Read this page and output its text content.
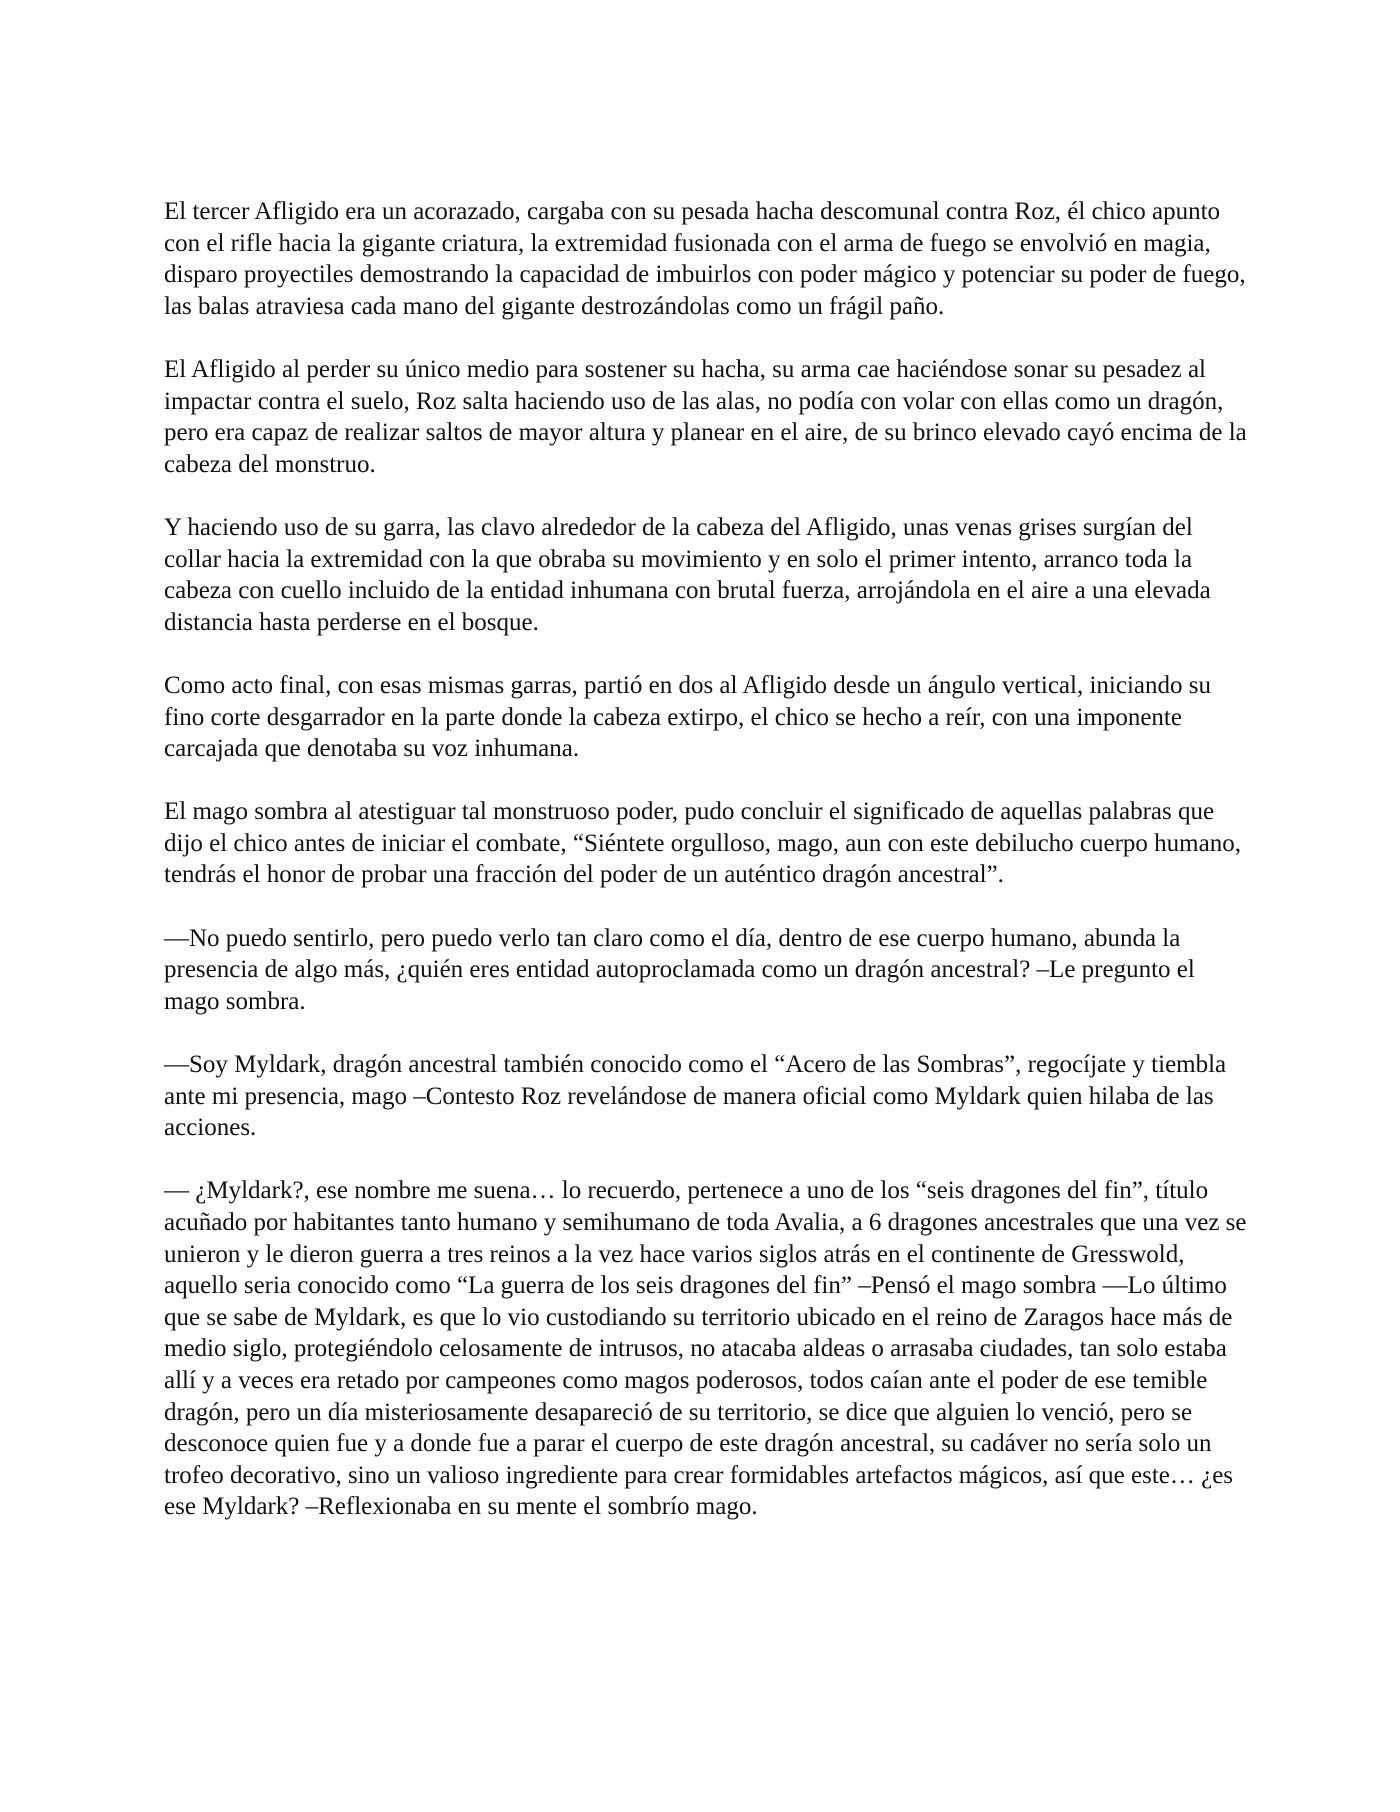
El tercer Afligido era un acorazado, cargaba con su pesada hacha descomunal contra Roz, él chico apunto con el rifle hacia la gigante criatura, la extremidad fusionada con el arma de fuego se envolvió en magia, disparo proyectiles demostrando la capacidad de imbuirlos con poder mágico y potenciar su poder de fuego, las balas atraviesa cada mano del gigante destrozándolas como un frágil paño.

El Afligido al perder su único medio para sostener su hacha, su arma cae haciéndose sonar su pesadez al impactar contra el suelo, Roz salta haciendo uso de las alas, no podía con volar con ellas como un dragón, pero era capaz de realizar saltos de mayor altura y planear en el aire, de su brinco elevado cayó encima de la cabeza del monstruo.

Y haciendo uso de su garra, las clavo alrededor de la cabeza del Afligido, unas venas grises surgían del collar hacia la extremidad con la que obraba su movimiento y en solo el primer intento, arranco toda la cabeza con cuello incluido de la entidad inhumana con brutal fuerza, arrojándola en el aire a una elevada distancia hasta perderse en el bosque.

Como acto final, con esas mismas garras, partió en dos al Afligido desde un ángulo vertical, iniciando su fino corte desgarrador en la parte donde la cabeza extirpo, el chico se hecho a reír, con una imponente carcajada que denotaba su voz inhumana.

El mago sombra al atestiguar tal monstruoso poder, pudo concluir el significado de aquellas palabras que dijo el chico antes de iniciar el combate, “Siéntete orgulloso, mago, aun con este debilucho cuerpo humano, tendrás el honor de probar una fracción del poder de un auténtico dragón ancestral”.

—No puedo sentirlo, pero puedo verlo tan claro como el día, dentro de ese cuerpo humano, abunda la presencia de algo más, ¿quién eres entidad autoproclamada como un dragón ancestral? –Le pregunto el mago sombra.

—Soy Myldark, dragón ancestral también conocido como el “Acero de las Sombras”, regocíjate y tiembla ante mi presencia, mago –Contesto Roz revelándose de manera oficial como Myldark quien hilaba de las acciones.

— ¿Myldark?, ese nombre me suena… lo recuerdo, pertenece a uno de los “seis dragones del fin”, título acuñado por habitantes tanto humano y semihumano de toda Avalia, a 6 dragones ancestrales que una vez se unieron y le dieron guerra a tres reinos a la vez hace varios siglos atrás en el continente de Gresswold, aquello seria conocido como “La guerra de los seis dragones del fin” –Pensó el mago sombra —Lo último que se sabe de Myldark, es que lo vio custodiando su territorio ubicado en el reino de Zaragos hace más de medio siglo, protegiéndolo celosamente de intrusos, no atacaba aldeas o arrasaba ciudades, tan solo estaba allí y a veces era retado por campeones como magos poderosos, todos caían ante el poder de ese temible dragón, pero un día misteriosamente desapareció de su territorio, se dice que alguien lo venció, pero se desconoce quien fue y a donde fue a parar el cuerpo de este dragón ancestral, su cadáver no sería solo un trofeo decorativo, sino un valioso ingrediente para crear formidables artefactos mágicos, así que este… ¿es ese Myldark? –Reflexionaba en su mente el sombrío mago.
